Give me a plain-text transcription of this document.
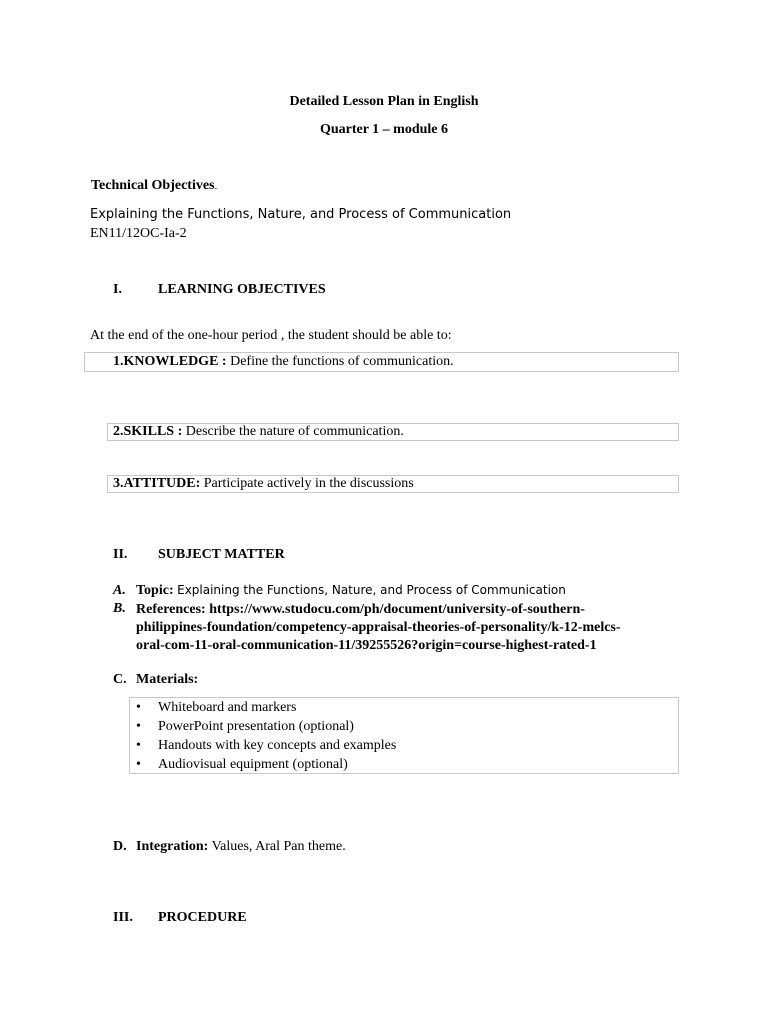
Detailed Lesson Plan in English
Quarter 1 – module 6
Technical Objectives.
Explaining the Functions, Nature, and Process of Communication
EN11/12OC-Ia-2
I.	LEARNING OBJECTIVES
At the end of the one-hour period , the student should be able to:
1.KNOWLEDGE : Define the functions of communication.
2.SKILLS : Describe the nature of communication.
3.ATTITUDE: Participate actively in the discussions
II. SUBJECT MATTER
A. Topic: Explaining the Functions, Nature, and Process of Communication
B. References: https://www.studocu.com/ph/document/university-of-southern-
philippines-foundation/competency-appraisal-theories-of-personality/k-12-melcs-
oral-com-11-oral-communication-11/39255526?origin=course-highest-rated-1
C. Materials:
• Whiteboard and markers
• PowerPoint presentation (optional)
• Handouts with key concepts and examples
• Audiovisual equipment (optional)
D. Integration: Values, Aral Pan theme.
III. PROCEDURE
